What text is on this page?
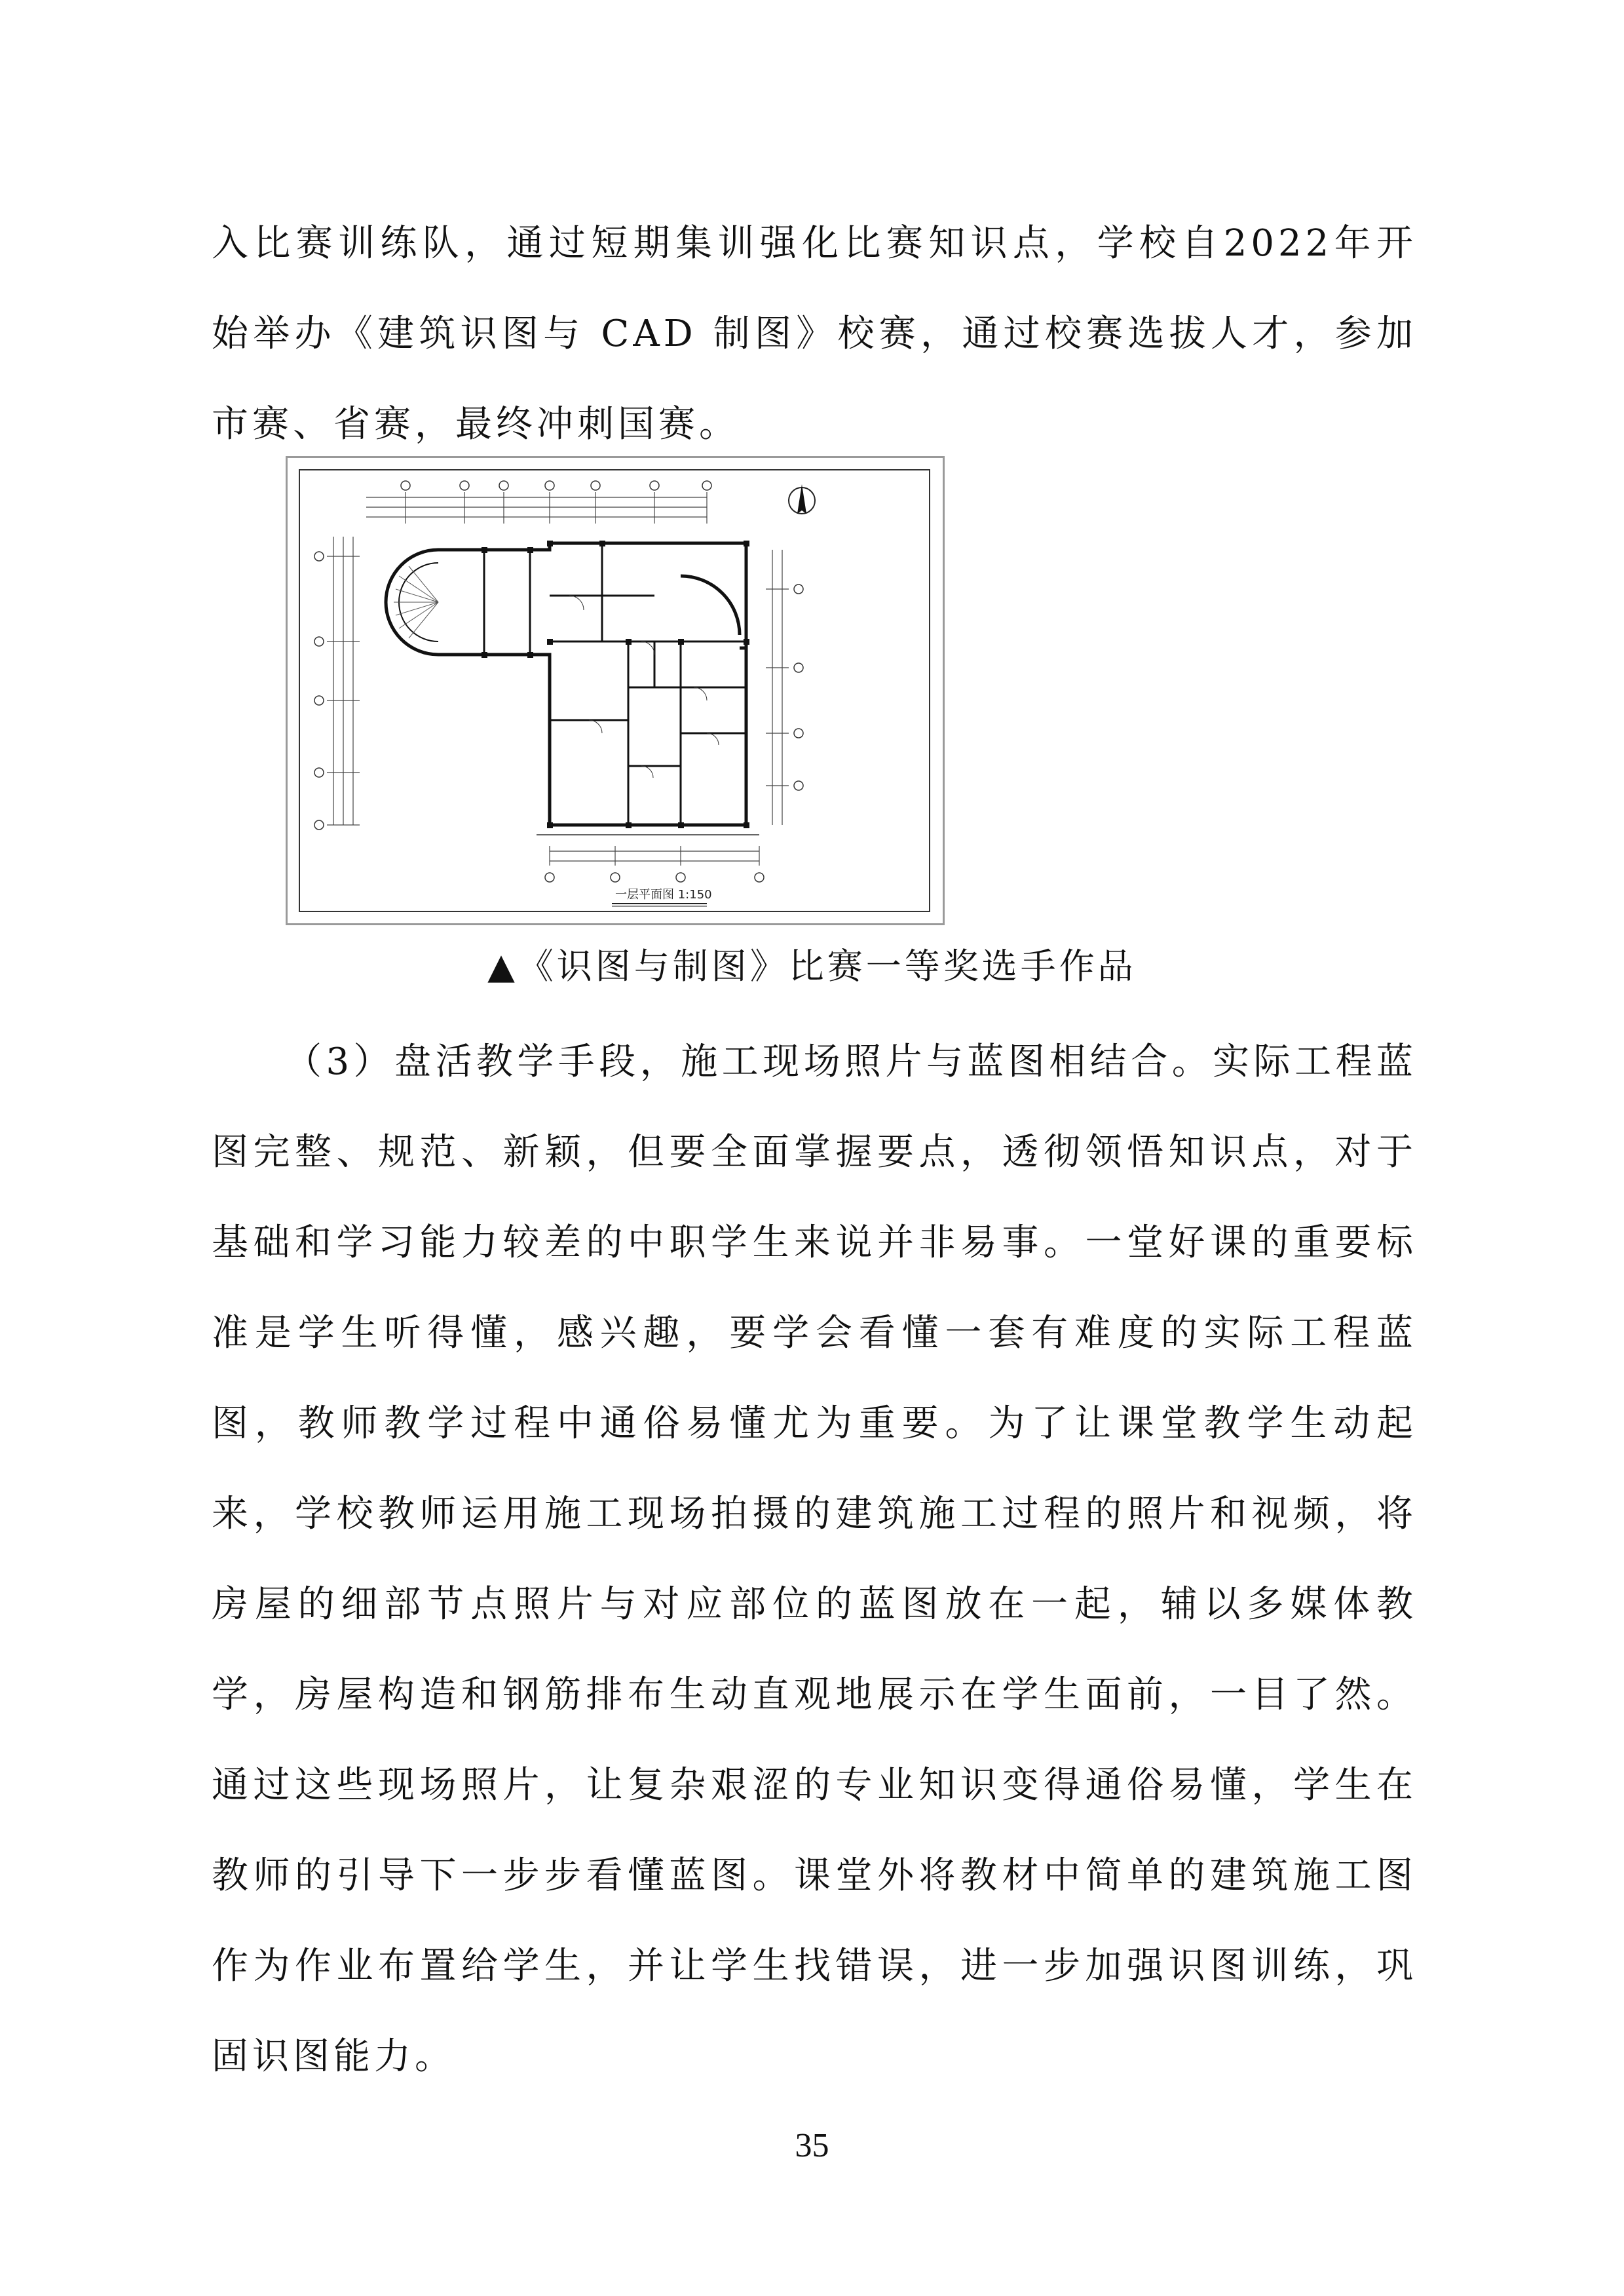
入比赛训练队，通过短期集训强化比赛知识点，学校自2022年开始举办《建筑识图与 CAD 制图》校赛，通过校赛选拔人才，参加市赛、省赛，最终冲刺国赛。

一层平面图 1:150
▲《识图与制图》比赛一等奖选手作品

（3）盘活教学手段，施工现场照片与蓝图相结合。实际工程蓝图完整、规范、新颖，但要全面掌握要点，透彻领悟知识点，对于基础和学习能力较差的中职学生来说并非易事。一堂好课的重要标准是学生听得懂，感兴趣，要学会看懂一套有难度的实际工程蓝图，教师教学过程中通俗易懂尤为重要。为了让课堂教学生动起来，学校教师运用施工现场拍摄的建筑施工过程的照片和视频，将房屋的细部节点照片与对应部位的蓝图放在一起，辅以多媒体教学，房屋构造和钢筋排布生动直观地展示在学生面前，一目了然。通过这些现场照片，让复杂艰涩的专业知识变得通俗易懂，学生在教师的引导下一步步看懂蓝图。课堂外将教材中简单的建筑施工图作为作业布置给学生，并让学生找错误，进一步加强识图训练，巩固识图能力。

35
